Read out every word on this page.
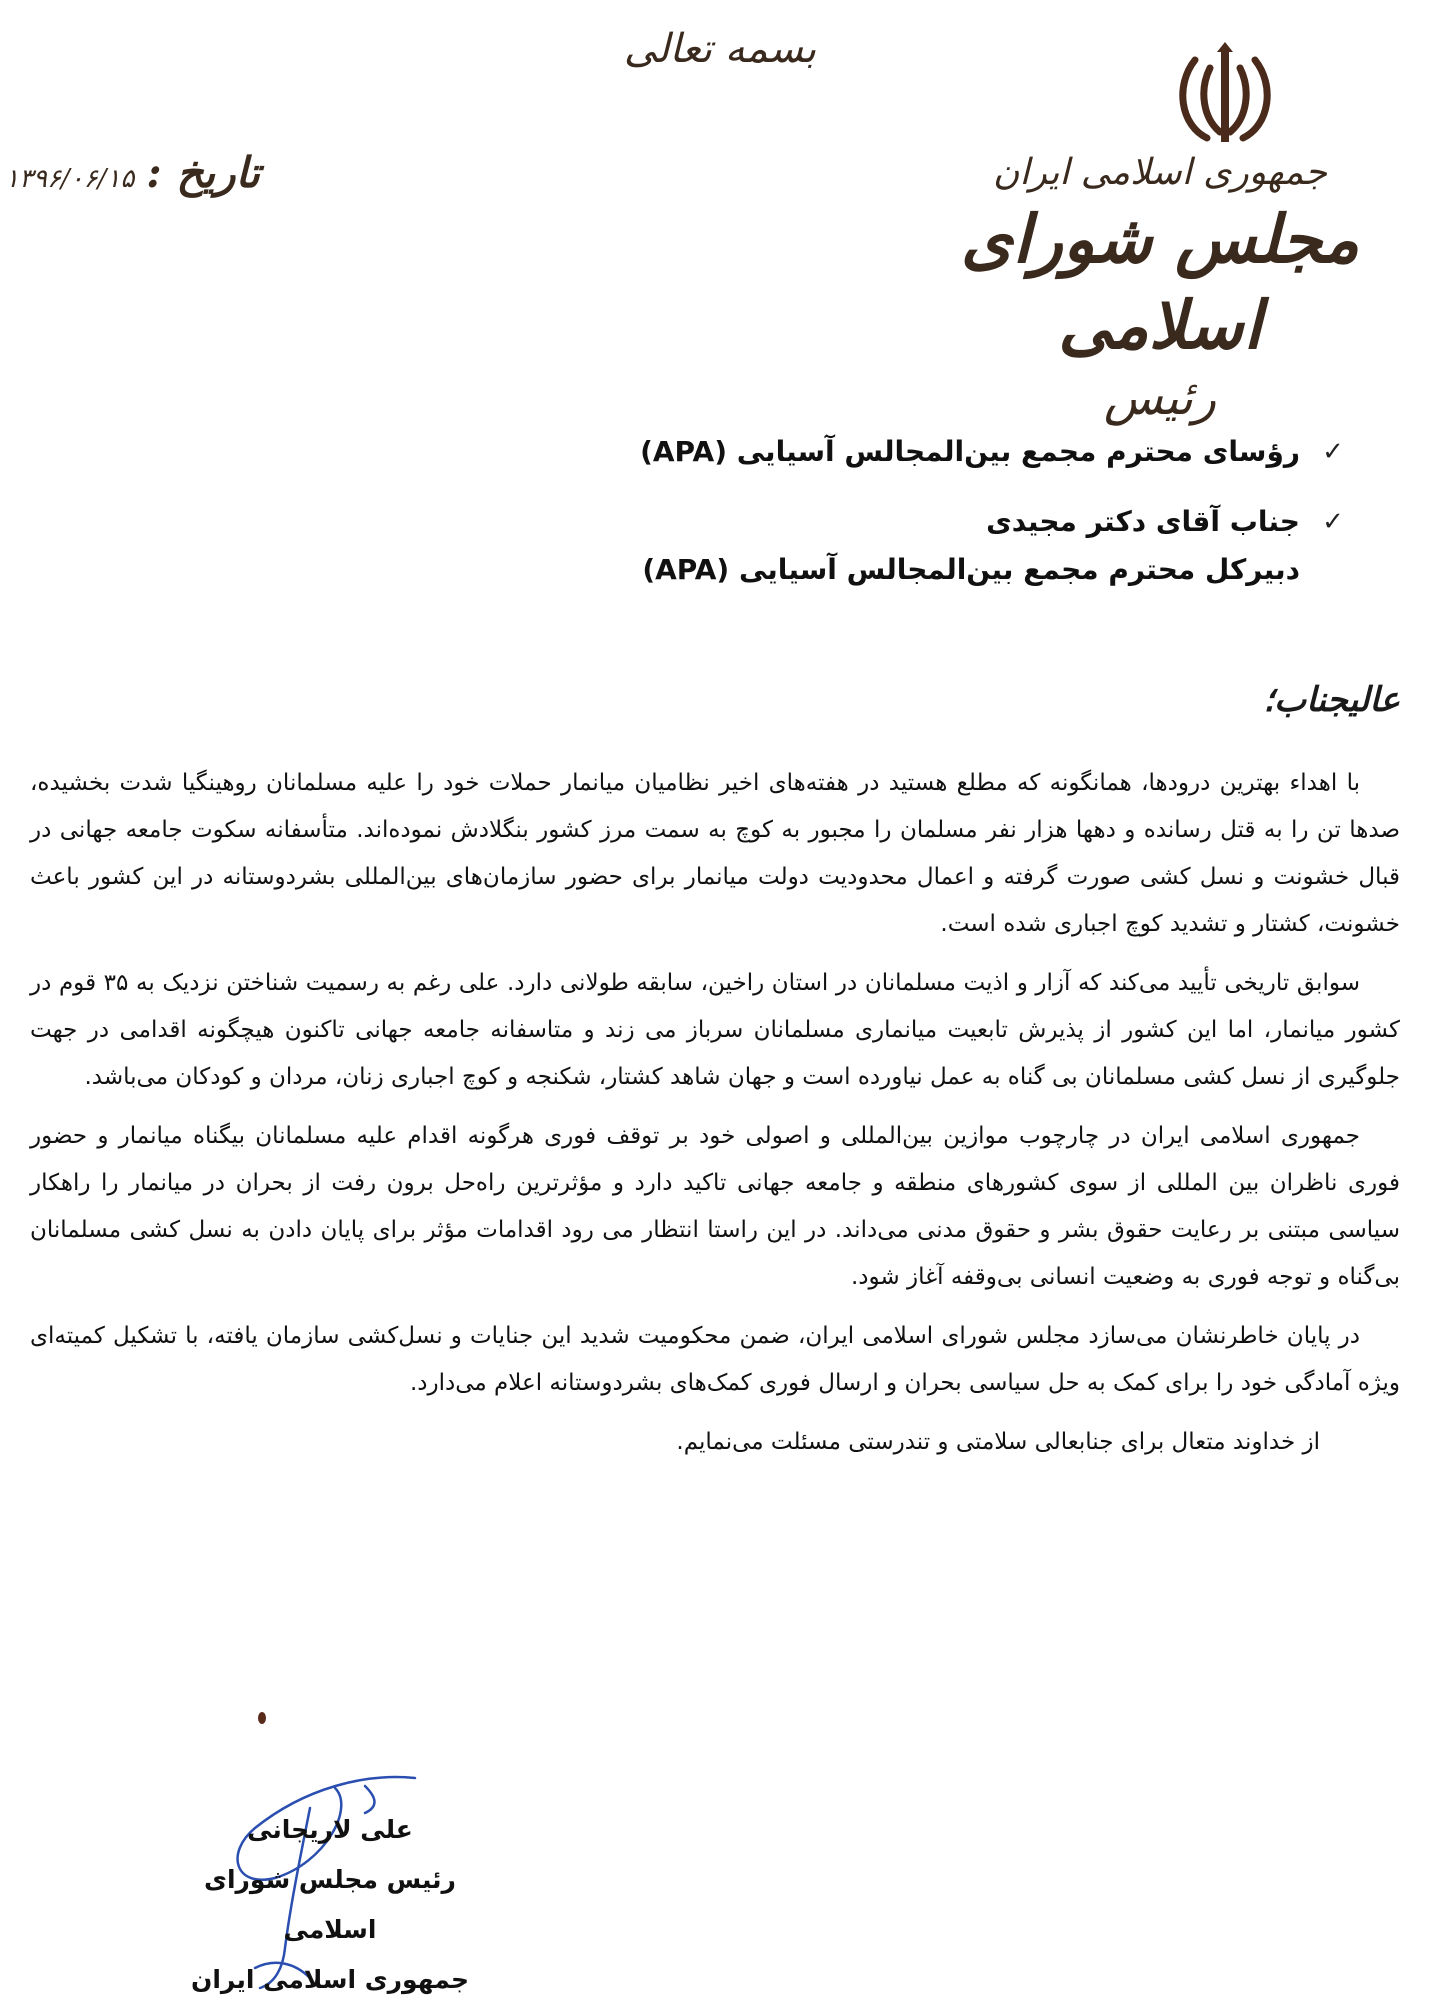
بسمه تعالی
جمهوری اسلامی ایران
مجلس شورای اسلامی
رئیس
تاریخ :
۱۳۹۶/۰۶/۱۵
✓
رؤسای محترم مجمع بین‌المجالس آسیایی (APA)
✓
جناب آقای دکتر مجیدی
دبیرکل محترم مجمع بین‌المجالس آسیایی (APA)
عالیجناب؛

با اهداء بهترین درودها، همانگونه که مطلع هستید در هفته‌های اخیر نظامیان میانمار حملات خود را علیه مسلمانان روهینگیا شدت بخشیده، صدها تن را به قتل رسانده و دهها هزار نفر مسلمان را مجبور به کوچ به سمت مرز کشور بنگلادش نموده‌اند. متأسفانه سکوت جامعه جهانی در قبال خشونت و نسل کشی صورت گرفته و اعمال محدودیت دولت میانمار برای حضور سازمان‌های بین‌المللی بشردوستانه در این کشور باعث خشونت، کشتار و تشدید کوچ اجباری شده است.

سوابق تاریخی تأیید می‌کند که آزار و اذیت مسلمانان در استان راخین، سابقه طولانی دارد. علی رغم به رسمیت شناختن نزدیک به ۳۵ قوم در کشور میانمار، اما این کشور از پذیرش تابعیت میانماری مسلمانان سرباز می زند و متاسفانه جامعه جهانی تاکنون هیچگونه اقدامی در جهت جلوگیری از نسل کشی مسلمانان بی گناه به عمل نیاورده است و جهان شاهد کشتار، شکنجه و کوچ اجباری زنان، مردان و کودکان می‌باشد.

جمهوری اسلامی ایران در چارچوب موازین بین‌المللی و اصولی خود بر توقف فوری هرگونه اقدام علیه مسلمانان بیگناه میانمار و حضور فوری ناظران بین المللی از سوی کشورهای منطقه و جامعه جهانی تاکید دارد و مؤثرترین راه‌حل برون رفت از بحران در میانمار را راهکار سیاسی مبتنی بر رعایت حقوق بشر و حقوق مدنی می‌داند. در این راستا انتظار می رود اقدامات مؤثر برای پایان دادن به نسل کشی مسلمانان بی‌گناه و توجه فوری به وضعیت انسانی بی‌وقفه آغاز شود.

در پایان خاطرنشان می‌سازد مجلس شورای اسلامی ایران، ضمن محکومیت شدید این جنایات و نسل‌کشی سازمان یافته، با تشکیل کمیته‌ای ویژه آمادگی خود را برای کمک به حل سیاسی بحران و ارسال فوری کمک‌های بشردوستانه اعلام می‌دارد.

از خداوند متعال برای جنابعالی سلامتی و تندرستی مسئلت می‌نمایم.

علی لاریجانی
رئیس مجلس شورای اسلامی
جمهوری اسلامی ایران
